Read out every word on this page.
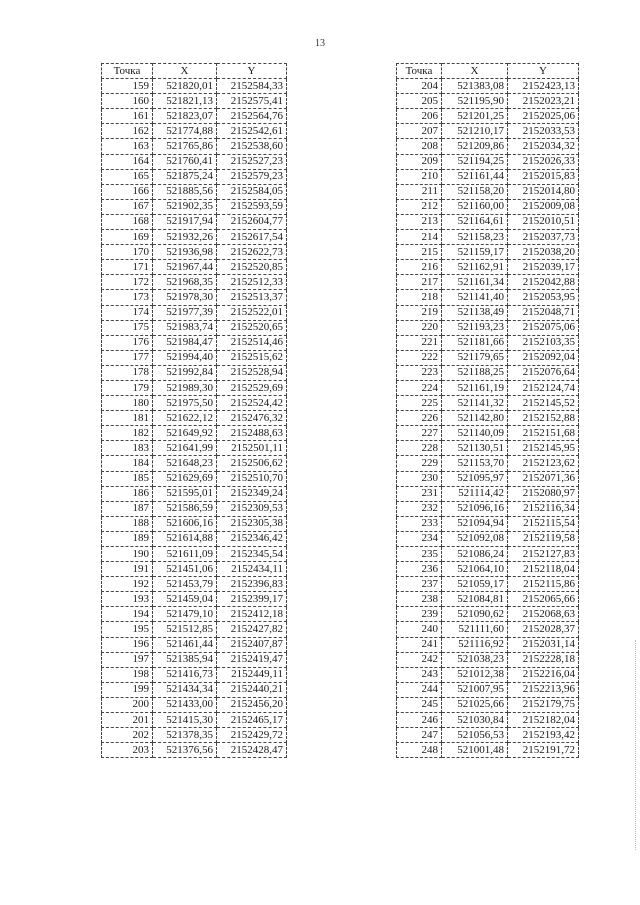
13
Точка	X	Y
159	521820,01	2152584,33
160	521821,13	2152575,41
161	521823,07	2152564,76
162	521774,88	2152542,61
163	521765,86	2152538,60
164	521760,41	2152527,23
165	521875,24	2152579,23
166	521885,56	2152584,05
167	521902,35	2152593,59
168	521917,94	2152604,77
169	521932,26	2152617,54
170	521936,98	2152622,73
171	521967,44	2152520,85
172	521968,35	2152512,33
173	521978,30	2152513,37
174	521977,39	2152522,01
175	521983,74	2152520,65
176	521984,47	2152514,46
177	521994,40	2152515,62
178	521992,84	2152528,94
179	521989,30	2152529,69
180	521975,50	2152524,42
181	521622,12	2152476,32
182	521649,92	2152488,63
183	521641,99	2152501,11
184	521648,23	2152506,62
185	521629,69	2152510,70
186	521595,01	2152349,24
187	521586,59	2152309,53
188	521606,16	2152305,38
189	521614,88	2152346,42
190	521611,09	2152345,54
191	521451,06	2152434,11
192	521453,79	2152396,83
193	521459,04	2152399,17
194	521479,10	2152412,18
195	521512,85	2152427,82
196	521461,44	2152407,87
197	521385,94	2152419,47
198	521416,73	2152449,11
199	521434,34	2152440,21
200	521433,00	2152456,20
201	521415,30	2152465,17
202	521378,35	2152429,72
203	521376,56	2152428,47
Точка	X	Y
204	521383,08	2152423,13
205	521195,90	2152023,21
206	521201,25	2152025,06
207	521210,17	2152033,53
208	521209,86	2152034,32
209	521194,25	2152026,33
210	521161,44	2152015,83
211	521158,20	2152014,80
212	521160,00	2152009,08
213	521164,61	2152010,51
214	521158,23	2152037,73
215	521159,17	2152038,20
216	521162,91	2152039,17
217	521161,34	2152042,88
218	521141,40	2152053,95
219	521138,49	2152048,71
220	521193,23	2152075,06
221	521181,66	2152103,35
222	521179,65	2152092,04
223	521188,25	2152076,64
224	521161,19	2152124,74
225	521141,32	2152145,52
226	521142,80	2152152,88
227	521140,09	2152151,68
228	521130,51	2152145,95
229	521153,70	2152123,62
230	521095,97	2152071,36
231	521114,42	2152080,97
232	521096,16	2152116,34
233	521094,94	2152115,54
234	521092,08	2152119,58
235	521086,24	2152127,83
236	521064,10	2152118,04
237	521059,17	2152115,86
238	521084,81	2152065,66
239	521090,62	2152068,63
240	521111,60	2152028,37
241	521116,92	2152031,14
242	521038,23	2152228,18
243	521012,38	2152216,04
244	521007,95	2152213,96
245	521025,66	2152179,75
246	521030,84	2152182,04
247	521056,53	2152193,42
248	521001,48	2152191,72
